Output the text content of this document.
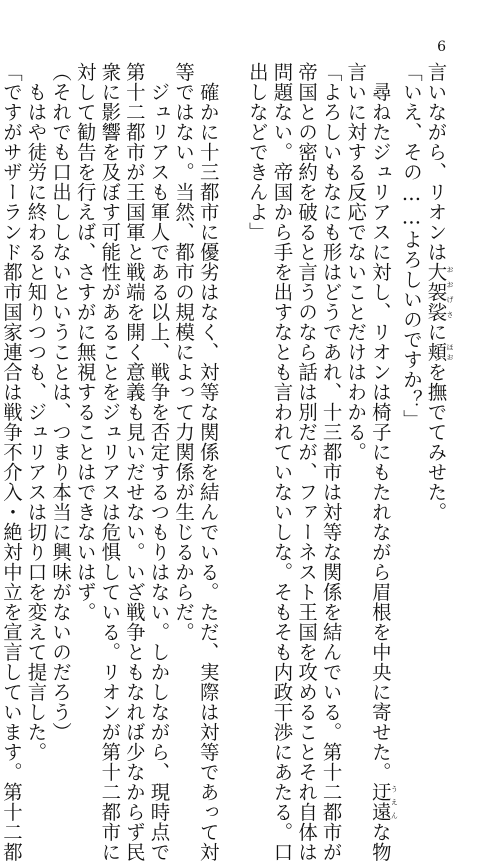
6
言いながら、リオンは大袈裟おおげさに頬ほおを撫でてみせた。
「いえ、その……よろしいのですか？」
　尋ねたジュリアスに対し、リオンは椅子にもたれながら眉根を中央に寄せた。迂遠うえんな物
言いに対する反応でないことだけはわかる。
「よろしいもなにも形はどうであれ、十三都市は対等な関係を結んでいる。第十二都市が
帝国との密約を破ると言うのなら話は別だが、ファーネスト王国を攻めることそれ自体は
問題ない。帝国から手を出すなとも言われていないしな。そもそも内政干渉にあたる。口
出しなどできんよ」
　確かに十三都市に優劣はなく、対等な関係を結んでいる。ただ、実際は対等であって対
等ではない。当然、都市の規模によって力関係が生じるからだ。
　ジュリアスも軍人である以上、戦争を否定するつもりはない。しかしながら、現時点で
第十二都市が王国軍と戦端を開く意義も見いだせない。いざ戦争ともなれば少なからず民
衆に影響を及ぼす可能性があることをジュリアスは危惧している。リオンが第十二都市に
対して勧告を行えば、さすがに無視することはできないはず。
（それでも口出ししないということは、つまり本当に興味がないのだろう）
　もはや徒労に終わると知りつつも、ジュリアスは切り口を変えて提言した。
「ですがサザーランド都市国家連合は戦争不介入・絶対中立を宣言しています。第十二都
